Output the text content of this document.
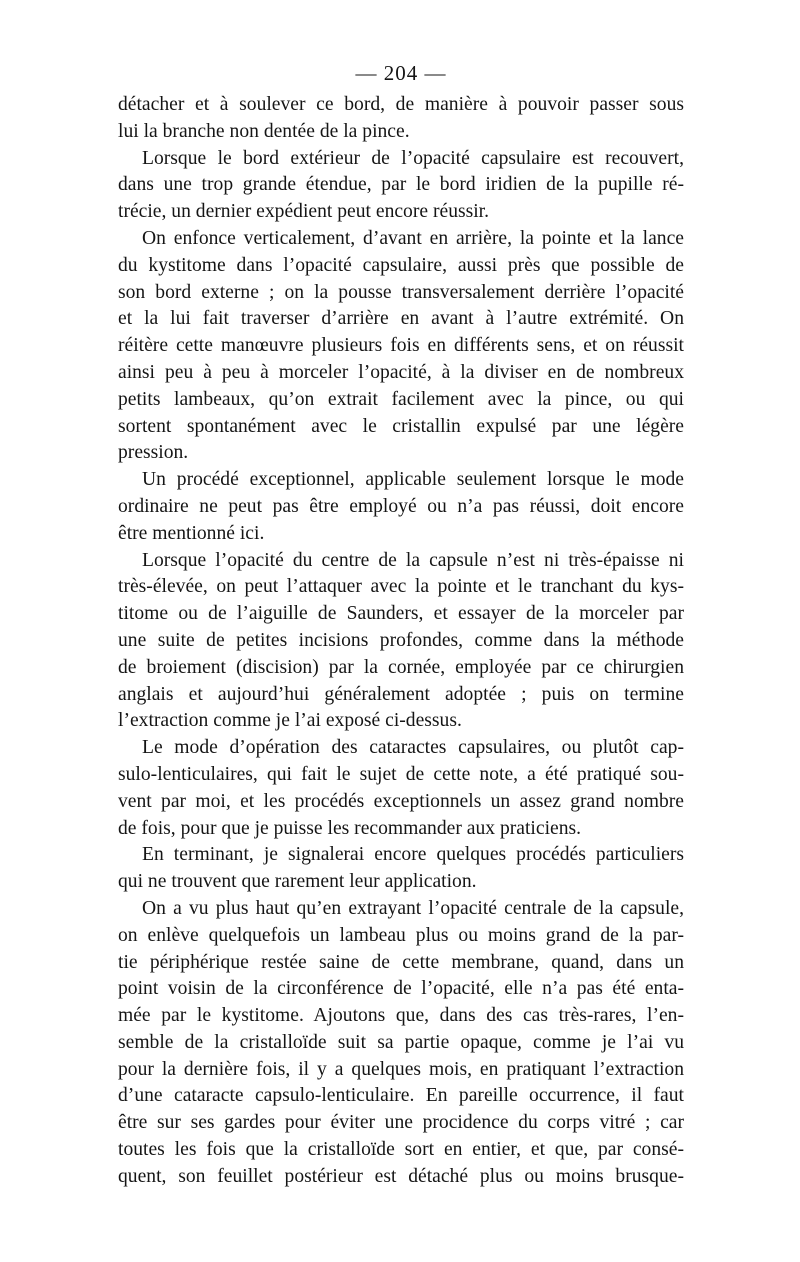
— 204 —
détacher et à soulever ce bord, de manière à pouvoir passer sous
lui la branche non dentée de la pince.
Lorsque le bord extérieur de l’opacité capsulaire est recouvert,
dans une trop grande étendue, par le bord iridien de la pupille ré-
trécie, un dernier expédient peut encore réussir.
On enfonce verticalement, d’avant en arrière, la pointe et la lance
du kystitome dans l’opacité capsulaire, aussi près que possible de
son bord externe ; on la pousse transversalement derrière l’opacité
et la lui fait traverser d’arrière en avant à l’autre extrémité. On
réitère cette manœuvre plusieurs fois en différents sens, et on réussit
ainsi peu à peu à morceler l’opacité, à la diviser en de nombreux
petits lambeaux, qu’on extrait facilement avec la pince, ou qui
sortent spontanément avec le cristallin expulsé par une légère
pression.
Un procédé exceptionnel, applicable seulement lorsque le mode
ordinaire ne peut pas être employé ou n’a pas réussi, doit encore
être mentionné ici.
Lorsque l’opacité du centre de la capsule n’est ni très-épaisse ni
très-élevée, on peut l’attaquer avec la pointe et le tranchant du kys-
titome ou de l’aiguille de Saunders, et essayer de la morceler par
une suite de petites incisions profondes, comme dans la méthode
de broiement (discision) par la cornée, employée par ce chirurgien
anglais et aujourd’hui généralement adoptée ; puis on termine
l’extraction comme je l’ai exposé ci-dessus.
Le mode d’opération des cataractes capsulaires, ou plutôt cap-
sulo-lenticulaires, qui fait le sujet de cette note, a été pratiqué sou-
vent par moi, et les procédés exceptionnels un assez grand nombre
de fois, pour que je puisse les recommander aux praticiens.
En terminant, je signalerai encore quelques procédés particuliers
qui ne trouvent que rarement leur application.
On a vu plus haut qu’en extrayant l’opacité centrale de la capsule,
on enlève quelquefois un lambeau plus ou moins grand de la par-
tie périphérique restée saine de cette membrane, quand, dans un
point voisin de la circonférence de l’opacité, elle n’a pas été enta-
mée par le kystitome. Ajoutons que, dans des cas très-rares, l’en-
semble de la cristalloïde suit sa partie opaque, comme je l’ai vu
pour la dernière fois, il y a quelques mois, en pratiquant l’extraction
d’une cataracte capsulo-lenticulaire. En pareille occurrence, il faut
être sur ses gardes pour éviter une procidence du corps vitré ; car
toutes les fois que la cristalloïde sort en entier, et que, par consé-
quent, son feuillet postérieur est détaché plus ou moins brusque-
